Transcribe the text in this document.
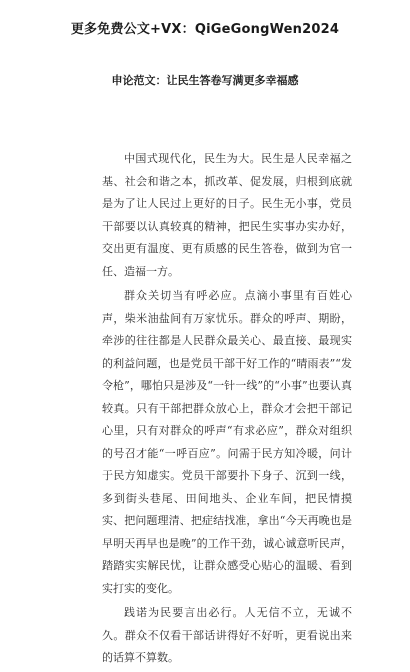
更多免费公文+VX：QiGeGongWen2024
申论范文：让民生答卷写满更多幸福感

中国式现代化，民生为大。民生是人民幸福之基、社会和谐之本，抓改革、促发展，归根到底就是为了让人民过上更好的日子。民生无小事，党员干部要以认真较真的精神，把民生实事办实办好，交出更有温度、更有质感的民生答卷，做到为官一任、造福一方。

群众关切当有呼必应。点滴小事里有百姓心声，柴米油盐间有万家忧乐。群众的呼声、期盼，牵涉的往往都是人民群众最关心、最直接、最现实的利益问题，也是党员干部干好工作的“晴雨表”“发令枪”，哪怕只是涉及“一针一线”的“小事”也要认真较真。只有干部把群众放心上，群众才会把干部记心里，只有对群众的呼声“有求必应”，群众对组织的号召才能“一呼百应”。问需于民方知冷暖，问计于民方知虚实。党员干部要扑下身子、沉到一线，多到街头巷尾、田间地头、企业车间，把民情摸实、把问题理清、把症结找准，拿出“今天再晚也是早明天再早也是晚”的工作干劲，诚心诚意听民声，踏踏实实解民忧，让群众感受心贴心的温暖、看到实打实的变化。

践诺为民要言出必行。人无信不立，无诚不久。群众不仅看干部话讲得好不好听，更看说出来的话算不算数。
